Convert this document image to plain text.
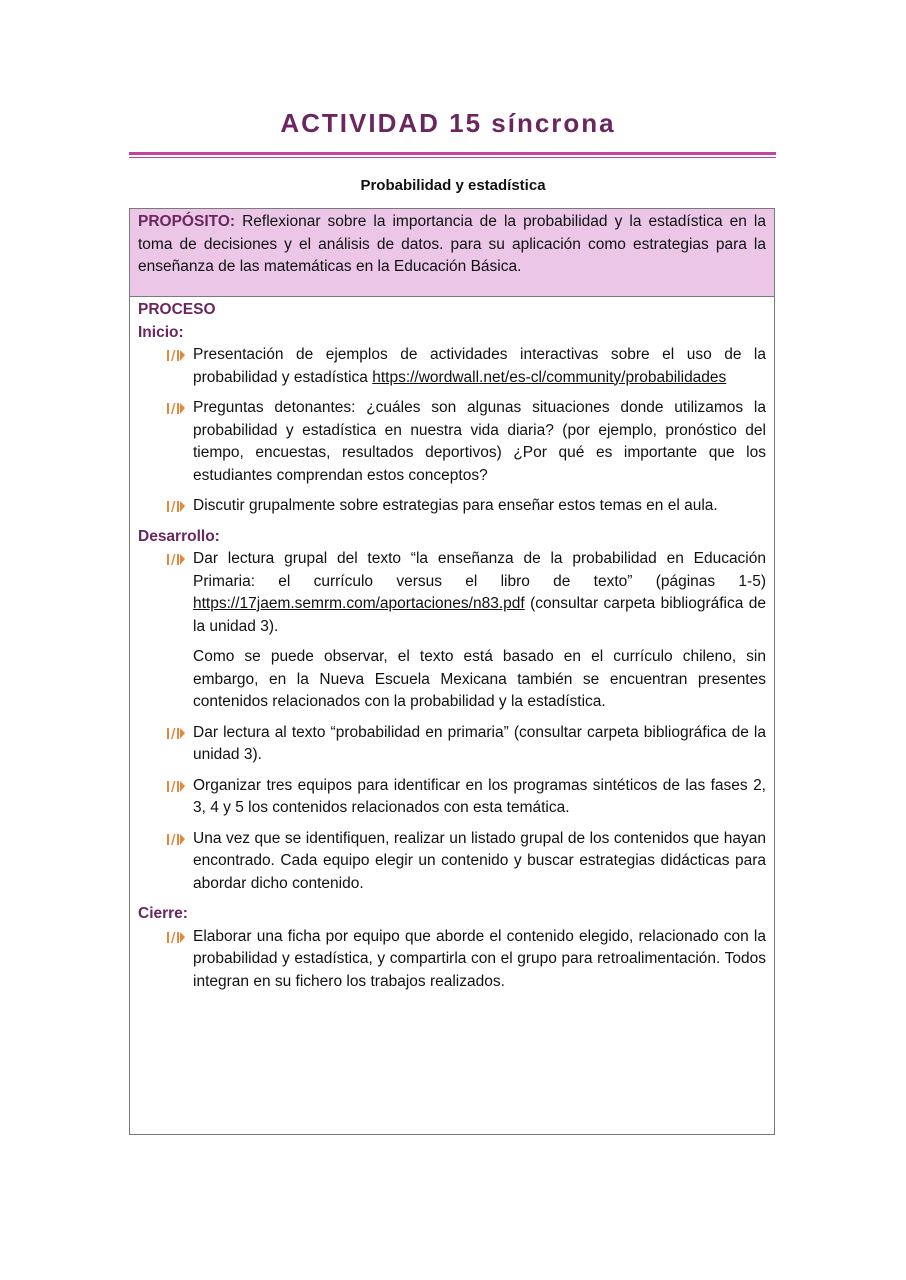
ACTIVIDAD 15 síncrona
Probabilidad y estadística
PROPÓSITO: Reflexionar sobre la importancia de la probabilidad y la estadística en la toma de decisiones y el análisis de datos. para su aplicación como estrategias para la enseñanza de las matemáticas en la Educación Básica.
PROCESO
Inicio:
Presentación de ejemplos de actividades interactivas sobre el uso de la probabilidad y estadística https://wordwall.net/es-cl/community/probabilidades
Preguntas detonantes: ¿cuáles son algunas situaciones donde utilizamos la probabilidad y estadística en nuestra vida diaria? (por ejemplo, pronóstico del tiempo, encuestas, resultados deportivos) ¿Por qué es importante que los estudiantes comprendan estos conceptos?
Discutir grupalmente sobre estrategias para enseñar estos temas en el aula.
Desarrollo:
Dar lectura grupal del texto “la enseñanza de la probabilidad en Educación Primaria: el currículo versus el libro de texto” (páginas 1-5) https://17jaem.semrm.com/aportaciones/n83.pdf (consultar carpeta bibliográfica de la unidad 3).
Como se puede observar, el texto está basado en el currículo chileno, sin embargo, en la Nueva Escuela Mexicana también se encuentran presentes contenidos relacionados con la probabilidad y la estadística.
Dar lectura al texto “probabilidad en primaria” (consultar carpeta bibliográfica de la unidad 3).
Organizar tres equipos para identificar en los programas sintéticos de las fases 2, 3, 4 y 5 los contenidos relacionados con esta temática.
Una vez que se identifiquen, realizar un listado grupal de los contenidos que hayan encontrado. Cada equipo elegir un contenido y buscar estrategias didácticas para abordar dicho contenido.
Cierre:
Elaborar una ficha por equipo que aborde el contenido elegido, relacionado con la probabilidad y estadística, y compartirla con el grupo para retroalimentación. Todos integran en su fichero los trabajos realizados.
